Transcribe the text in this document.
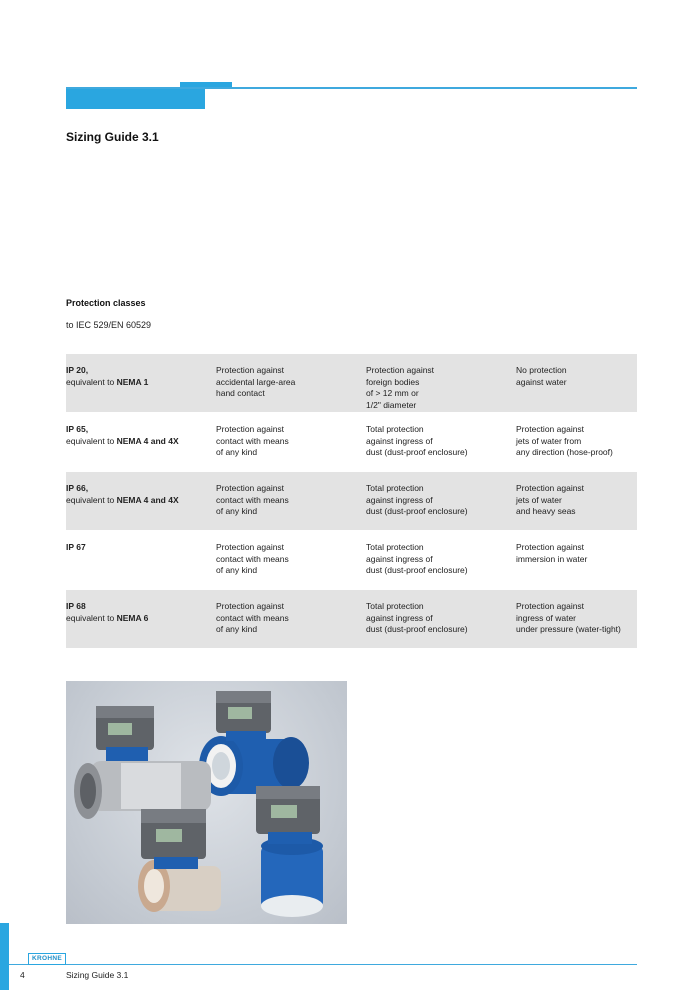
Sizing Guide 3.1
Protection classes
to IEC 529/EN 60529
IP 20,
equivalent to NEMA 1
Protection against
accidental large-area
hand contact
Protection against
foreign bodies
of > 12 mm or
1/2" diameter
No protection
against water
IP 65,
equivalent to NEMA 4 and 4X
Protection against
contact with means
of any kind
Total protection
against ingress of
dust (dust-proof enclosure)
Protection against
jets of water from
any direction (hose-proof)
IP 66,
equivalent to NEMA 4 and 4X
Protection against
contact with means
of any kind
Total protection
against ingress of
dust (dust-proof enclosure)
Protection against
jets of water
and heavy seas
IP 67	Protection against
contact with means
of any kind
Total protection
against ingress of
dust (dust-proof enclosure)
Protection against
immersion in water
IP 68
equivalent to NEMA 6
Protection against
contact with means
of any kind
Total protection
against ingress of
dust (dust-proof enclosure)
Protection against
ingress of water
under pressure (water-tight)
KROHNE
4	Sizing Guide 3.1
